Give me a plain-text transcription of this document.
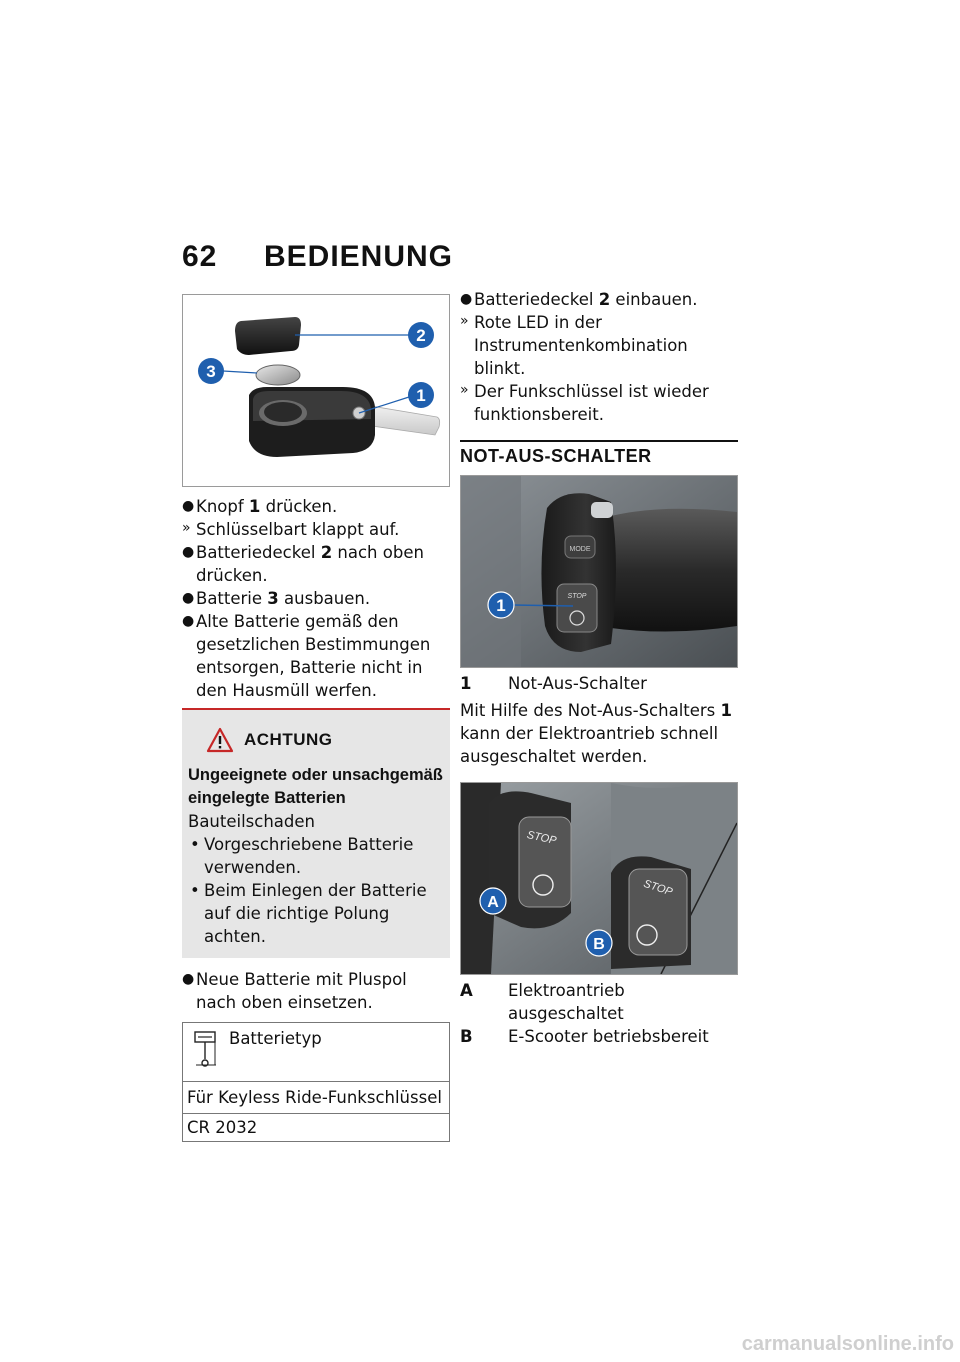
62 BEDIENUNG
2
3
1
● Knopf 1 drücken.
» Schlüsselbart klappt auf.
● Batteriedeckel 2 nach oben drücken.
● Batterie 3 ausbauen.
● Alte Batterie gemäß den gesetzlichen Bestimmungen entsorgen, Batterie nicht in den Hausmüll werfen.
ACHTUNG
Ungeeignete oder unsachgemäß eingelegte Batterien
Bauteilschaden
• Vorgeschriebene Batterie verwenden.
• Beim Einlegen der Batterie auf die richtige Polung achten.
● Neue Batterie mit Pluspol nach oben einsetzen.
Batterietyp
Für Keyless Ride-Funkschlüssel
CR 2032
● Batteriedeckel 2 einbauen.
» Rote LED in der Instrumentenkombination blinkt.
» Der Funkschlüssel ist wieder funktionsbereit.
NOT-AUS-SCHALTER
MODE
STOP
1
1	Not-Aus-Schalter
Mit Hilfe des Not-Aus-Schalters 1 kann der Elektroantrieb schnell ausgeschaltet werden.
STOP
STOP
A
B
A	Elektroantrieb ausgeschaltet
B	E-Scooter betriebsbereit
carmanualsonline.info
